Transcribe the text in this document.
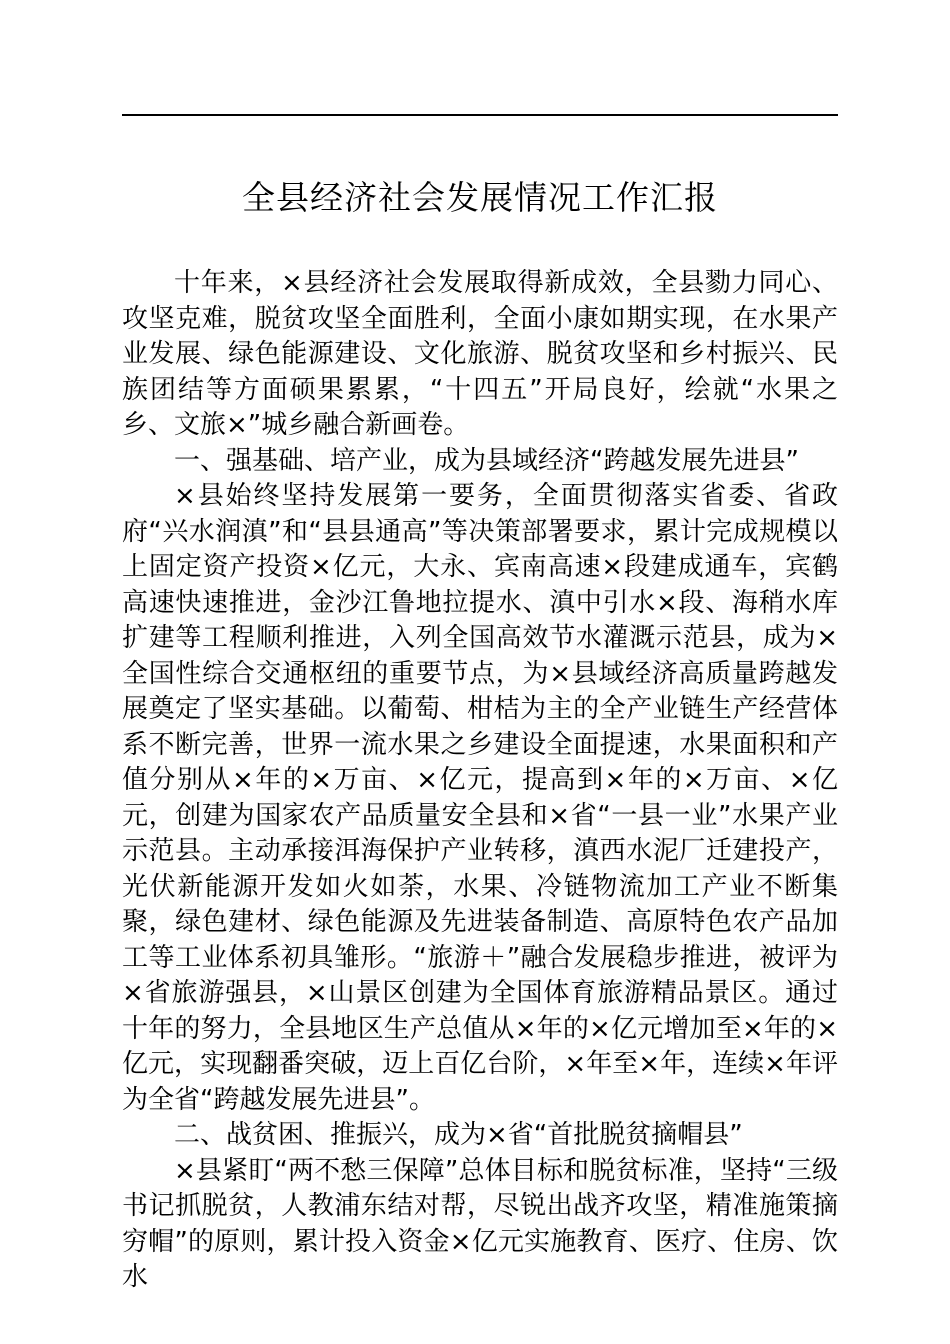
全县经济社会发展情况工作汇报

十年来，×县经济社会发展取得新成效，全县勠力同心、攻坚克难，脱贫攻坚全面胜利，全面小康如期实现，在水果产业发展、绿色能源建设、文化旅游、脱贫攻坚和乡村振兴、民族团结等方面硕果累累，“十四五”开局良好，绘就“水果之乡、文旅×”城乡融合新画卷。

一、强基础、培产业，成为县域经济“跨越发展先进县”

×县始终坚持发展第一要务，全面贯彻落实省委、省政府“兴水润滇”和“县县通高”等决策部署要求，累计完成规模以上固定资产投资×亿元，大永、宾南高速×段建成通车，宾鹤高速快速推进，金沙江鲁地拉提水、滇中引水×段、海稍水库扩建等工程顺利推进，入列全国高效节水灌溉示范县，成为×全国性综合交通枢纽的重要节点，为×县域经济高质量跨越发展奠定了坚实基础。以葡萄、柑桔为主的全产业链生产经营体系不断完善，世界一流水果之乡建设全面提速，水果面积和产值分别从×年的×万亩、×亿元，提高到×年的×万亩、×亿元，创建为国家农产品质量安全县和×省“一县一业”水果产业示范县。主动承接洱海保护产业转移，滇西水泥厂迁建投产，光伏新能源开发如火如荼，水果、冷链物流加工产业不断集聚，绿色建材、绿色能源及先进装备制造、高原特色农产品加工等工业体系初具雏形。“旅游＋”融合发展稳步推进，被评为×省旅游强县，×山景区创建为全国体育旅游精品景区。通过十年的努力，全县地区生产总值从×年的×亿元增加至×年的×亿元，实现翻番突破，迈上百亿台阶，×年至×年，连续×年评为全省“跨越发展先进县”。

二、战贫困、推振兴，成为×省“首批脱贫摘帽县”

×县紧盯“两不愁三保障”总体目标和脱贫标准，坚持“三级书记抓脱贫，人教浦东结对帮，尽锐出战齐攻坚，精准施策摘穷帽”的原则，累计投入资金×亿元实施教育、医疗、住房、饮水
